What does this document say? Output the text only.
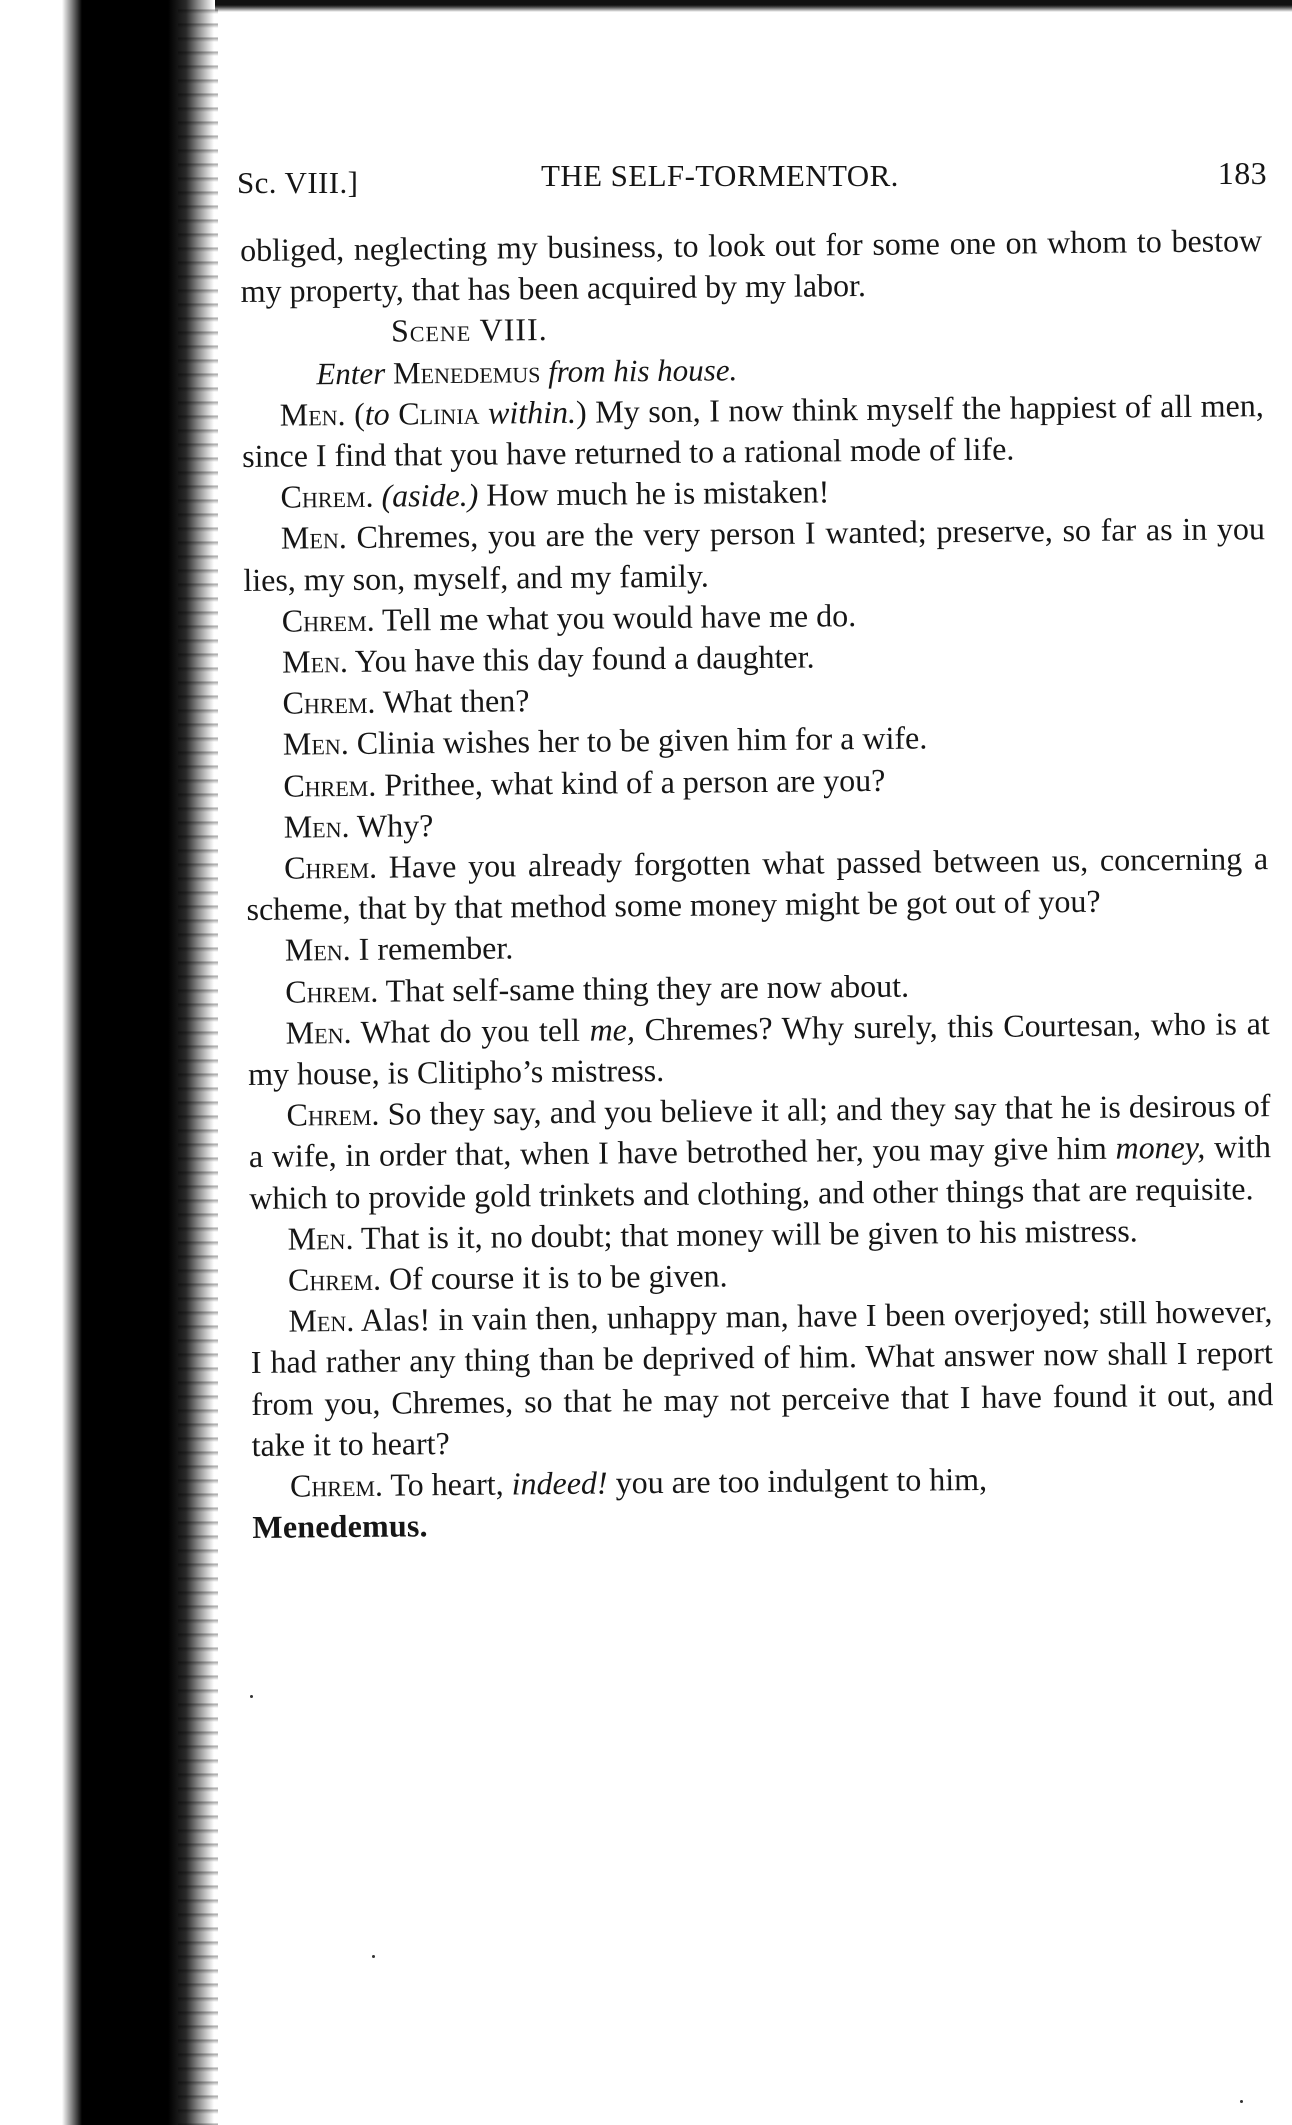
Sc. VIII.]	THE SELF-TORMENTOR.	183

obliged, neglecting my business, to look out for some one on whom to bestow my property, that has been acquired by my labor.

Scene VIII.

Enter Menedemus from his house.

Men. (to Clinia within.) My son, I now think myself the happiest of all men, since I find that you have returned to a rational mode of life.

Chrem. (aside.) How much he is mistaken!

Men. Chremes, you are the very person I wanted; preserve, so far as in you lies, my son, myself, and my family.

Chrem. Tell me what you would have me do.

Men. You have this day found a daughter.

Chrem. What then?

Men. Clinia wishes her to be given him for a wife.

Chrem. Prithee, what kind of a person are you?

Men. Why?

Chrem. Have you already forgotten what passed between us, concerning a scheme, that by that method some money might be got out of you?

Men. I remember.

Chrem. That self-same thing they are now about.

Men. What do you tell me, Chremes? Why surely, this Courtesan, who is at my house, is Clitipho’s mistress.

Chrem. So they say, and you believe it all; and they say that he is desirous of a wife, in order that, when I have betrothed her, you may give him money, with which to provide gold trinkets and clothing, and other things that are requisite.

Men. That is it, no doubt; that money will be given to his mistress.

Chrem. Of course it is to be given.

Men. Alas! in vain then, unhappy man, have I been overjoyed; still however, I had rather any thing than be deprived of him. What answer now shall I report from you, Chremes, so that he may not perceive that I have found it out, and take it to heart?

Chrem. To heart, indeed! you are too indulgent to him,

Menedemus.
